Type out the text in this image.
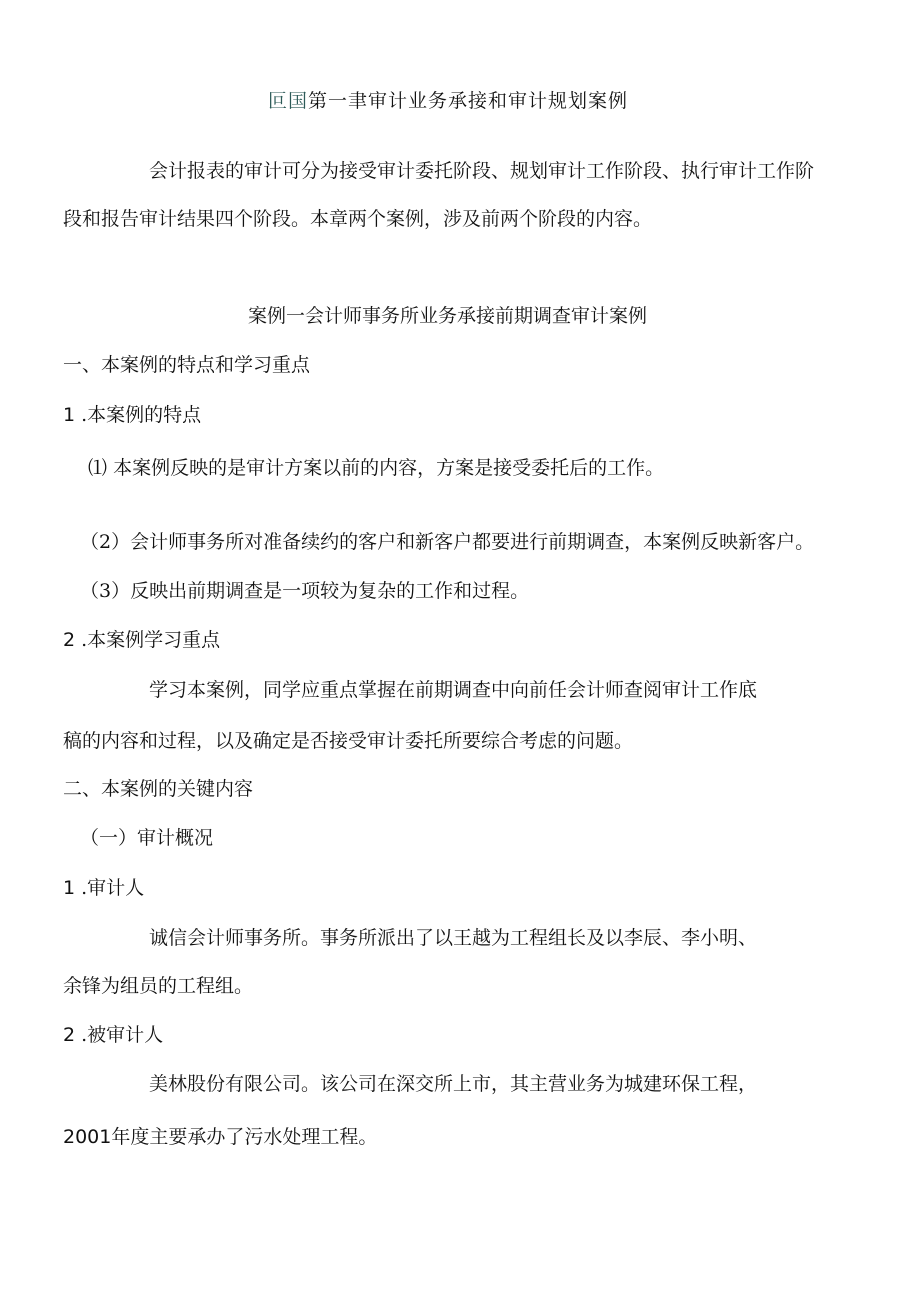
叵国第一聿审计业务承接和审计规划案例
会计报表的审计可分为接受审计委托阶段、规划审计工作阶段、执行审计工作阶
段和报告审计结果四个阶段。本章两个案例，涉及前两个阶段的内容。
案例一会计师事务所业务承接前期调查审计案例
一、本案例的特点和学习重点
1 .本案例的特点
⑴ 本案例反映的是审计方案以前的内容，方案是接受委托后的工作。
（2）会计师事务所对准备续约的客户和新客户都要进行前期调查，本案例反映新客户。
（3）反映出前期调查是一项较为复杂的工作和过程。
2 .本案例学习重点
学习本案例，同学应重点掌握在前期调查中向前任会计师查阅审计工作底
稿的内容和过程，以及确定是否接受审计委托所要综合考虑的问题。
二、本案例的关键内容
（一）审计概况
1 .审计人
诚信会计师事务所。事务所派出了以王越为工程组长及以李辰、李小明、
余锋为组员的工程组。
2 .被审计人
美林股份有限公司。该公司在深交所上市，其主营业务为城建环保工程，
2001年度主要承办了污水处理工程。
